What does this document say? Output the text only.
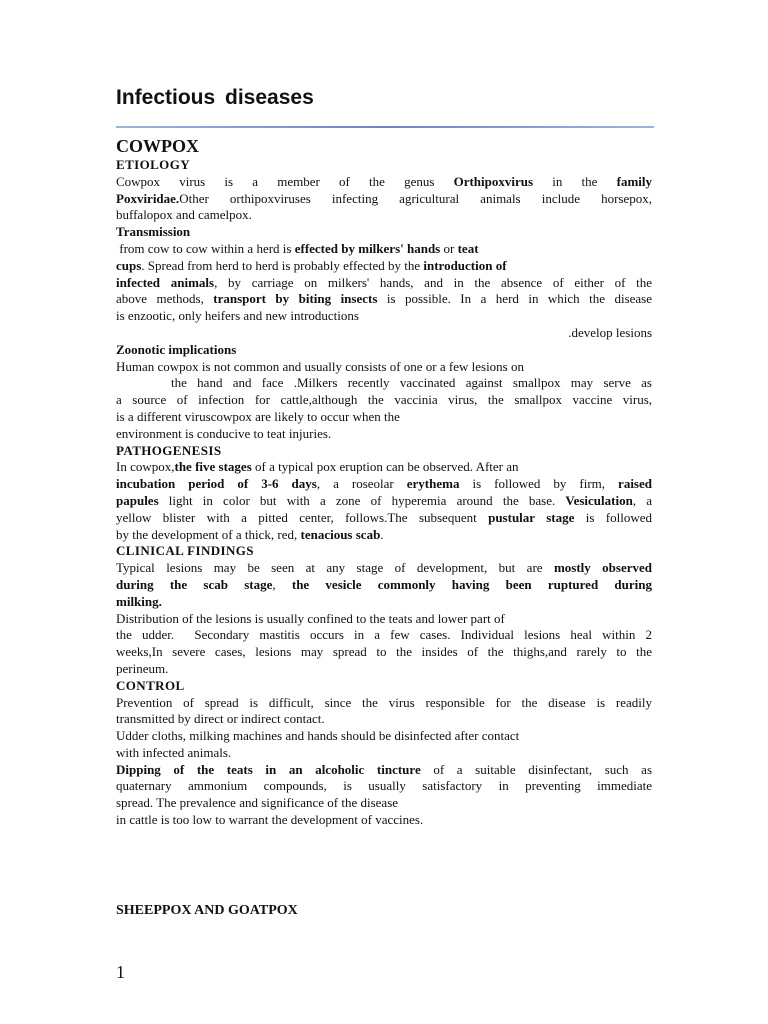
Infectious diseases
COWPOX
ETIOLOGY
Cowpox virus is a member of the genus Orthipoxvirus in the family
Poxviridae.Other orthipoxviruses infecting agricultural animals include horsepox,
buffalopox and camelpox.
Transmission
from cow to cow within a herd is effected by milkers' hands or teat
cups. Spread from herd to herd is probably effected by the introduction of
infected animals, by carriage on milkers' hands, and in the absence of either of the
above methods, transport by biting insects is possible. In a herd in which the disease
is enzootic, only heifers and new introductions
.develop lesions
Zoonotic implications
Human cowpox is not common and usually consists of one or a few lesions on
the hand and face .Milkers recently vaccinated against smallpox may serve as
a source of infection for cattle,although the vaccinia virus, the smallpox vaccine virus,
is a different viruscowpox are likely to occur when the
environment is conducive to teat injuries.
PATHOGENESIS
In cowpox,the five stages of a typical pox eruption can be observed. After an
incubation period of 3-6 days, a roseolar erythema is followed by firm, raised
papules light in color but with a zone of hyperemia around the base. Vesiculation, a
yellow blister with a pitted center, follows.The subsequent pustular stage is followed
by the development of a thick, red, tenacious scab.
CLINICAL FINDINGS
Typical lesions may be seen at any stage of development, but are mostly observed
during the scab stage, the vesicle commonly having been ruptured during
milking.
Distribution of the lesions is usually confined to the teats and lower part of
the udder.  Secondary mastitis occurs in a few cases. Individual lesions heal within 2
weeks,In severe cases, lesions may spread to the insides of the thighs,and rarely to the
perineum.
CONTROL
Prevention of spread is difficult, since the virus responsible for the disease is readily
transmitted by direct or indirect contact.
Udder cloths, milking machines and hands should be disinfected after contact
with infected animals.
Dipping of the teats in an alcoholic tincture of a suitable disinfectant, such as
quaternary ammonium compounds, is usually satisfactory in preventing immediate
spread. The prevalence and significance of the disease
in cattle is too low to warrant the development of vaccines.
SHEEPPOX AND GOATPOX
1
